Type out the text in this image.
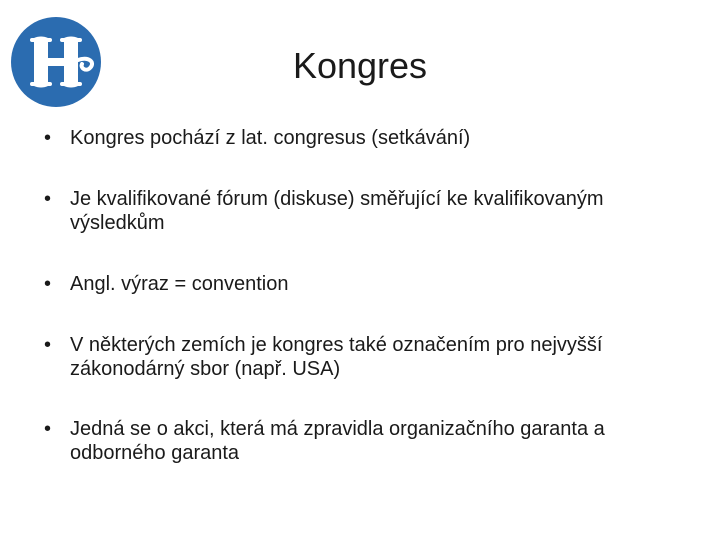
Kongres
• Kongres pochází z lat. congresus (setkávání)
• Je kvalifikované fórum (diskuse) směřující ke kvalifikovaným výsledkům
• Angl. výraz = convention
• V některých zemích je kongres také označením pro nejvyšší zákonodárný sbor (např. USA)
• Jedná se o akci, která má zpravidla organizačního garanta a odborného garanta
